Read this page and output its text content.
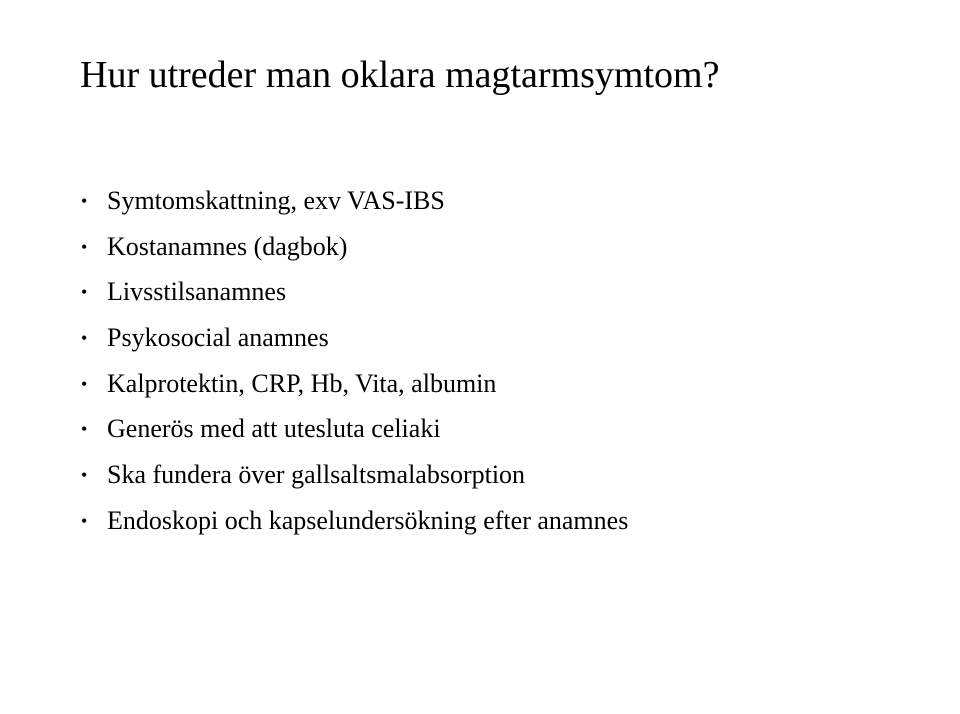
Hur utreder man oklara magtarmsymtom?
• Symtomskattning, exv VAS-IBS
• Kostanamnes (dagbok)
• Livsstilsanamnes
• Psykosocial anamnes
• Kalprotektin, CRP, Hb, Vita, albumin
• Generös med att utesluta celiaki
• Ska fundera över gallsaltsmalabsorption
• Endoskopi och kapselundersökning efter anamnes
